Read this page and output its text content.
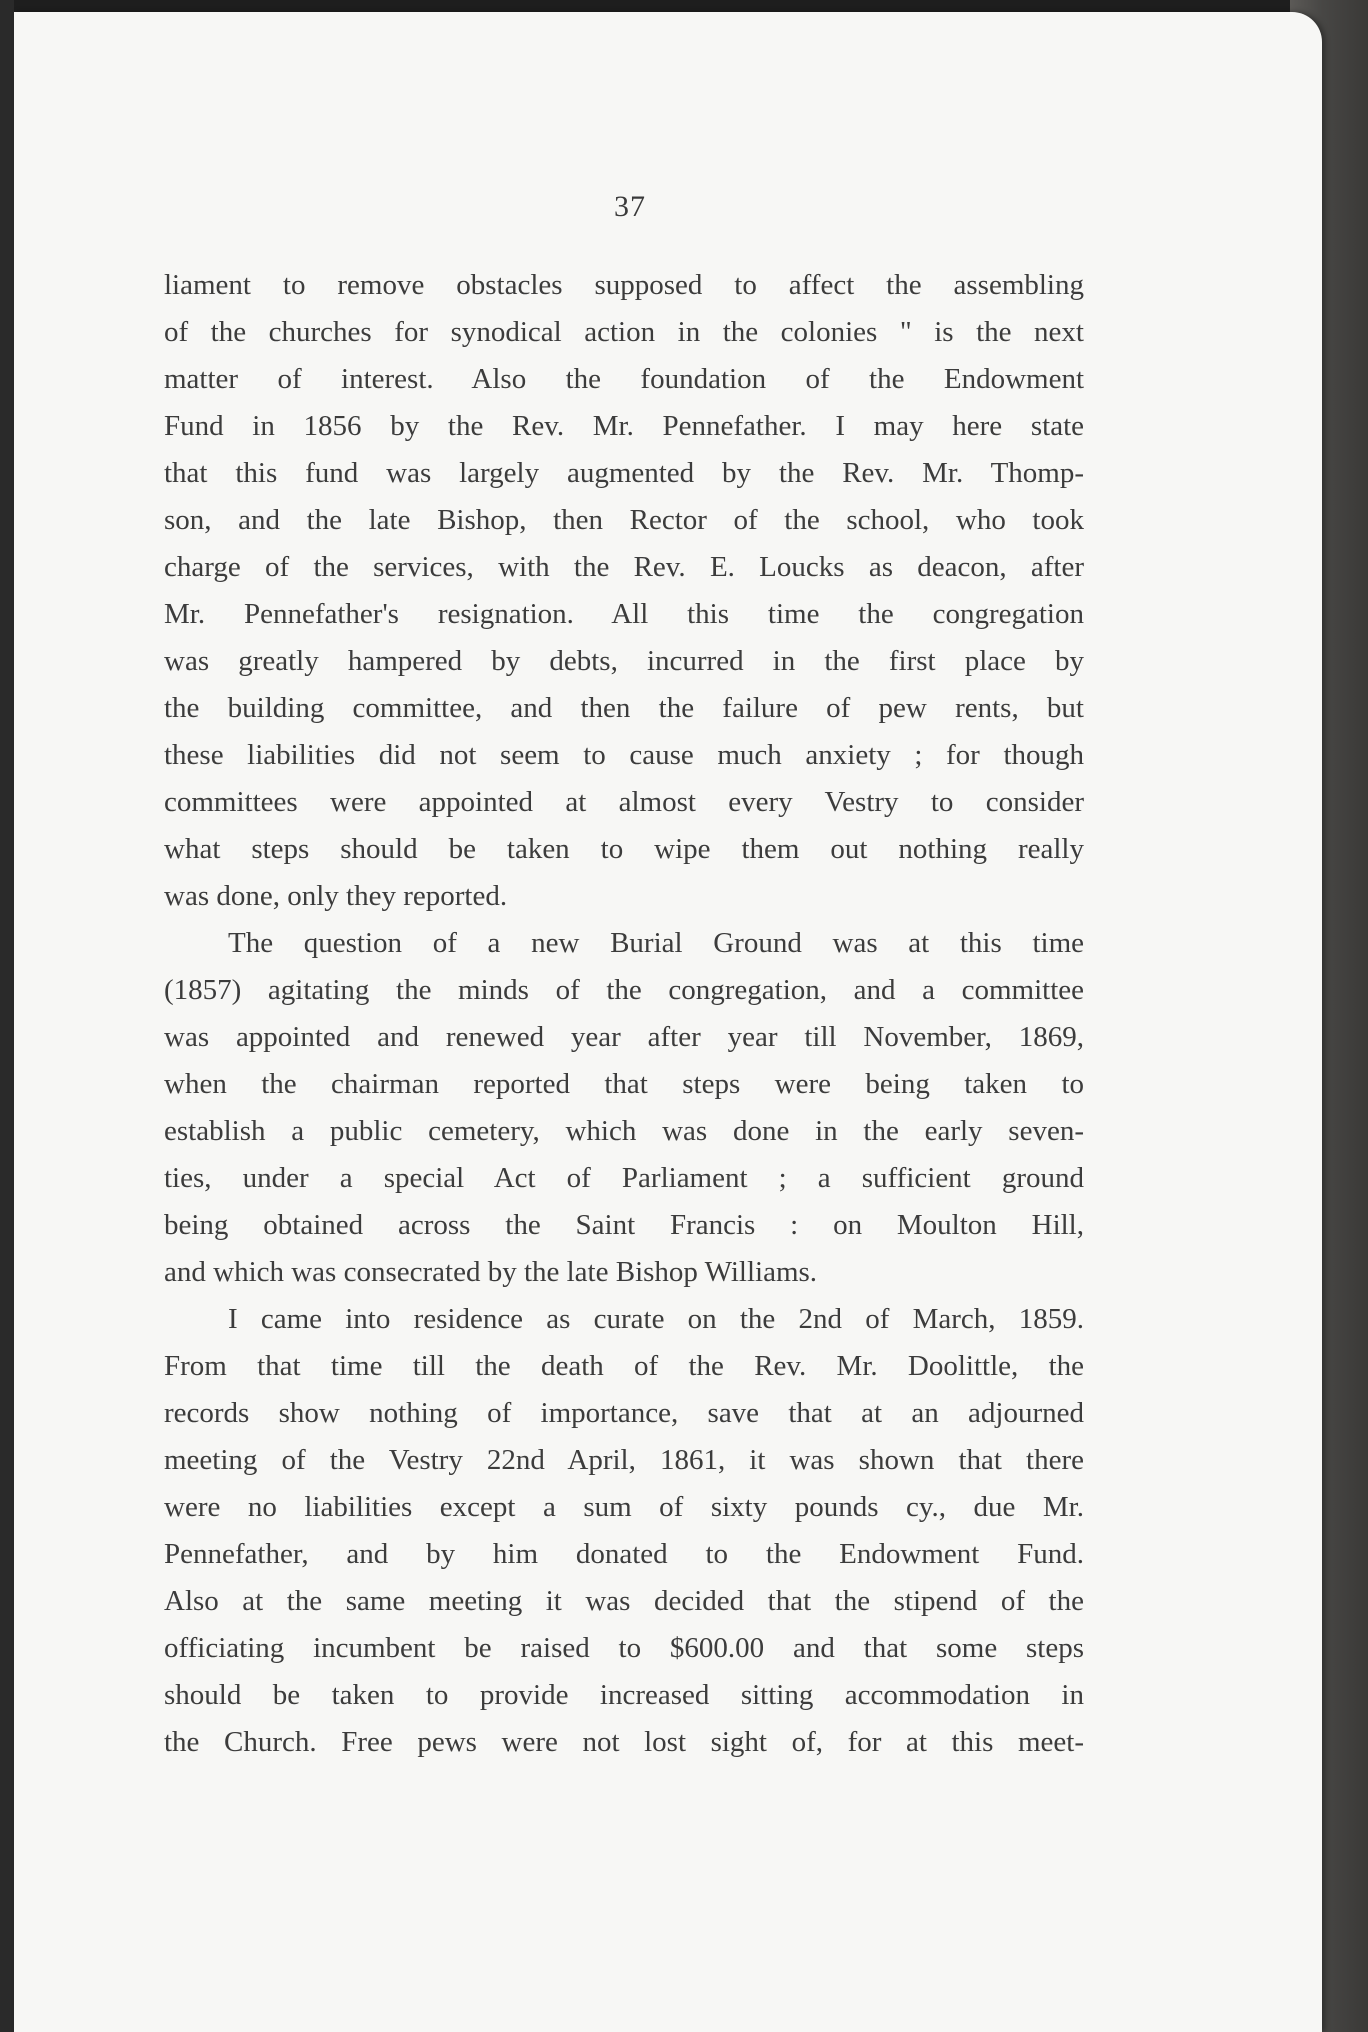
37
liament to remove obstacles supposed to affect the assembling
of the churches for synodical action in the colonies " is the next
matter of interest. Also the foundation of the Endowment
Fund in 1856 by the Rev. Mr. Pennefather. I may here state
that this fund was largely augmented by the Rev. Mr. Thomp-
son, and the late Bishop, then Rector of the school, who took
charge of the services, with the Rev. E. Loucks as deacon, after
Mr. Pennefather's resignation. All this time the congregation
was greatly hampered by debts, incurred in the first place by
the building committee, and then the failure of pew rents, but
these liabilities did not seem to cause much anxiety ; for though
committees were appointed at almost every Vestry to consider
what steps should be taken to wipe them out nothing really
was done, only they reported.
The question of a new Burial Ground was at this time
(1857) agitating the minds of the congregation, and a committee
was appointed and renewed year after year till November, 1869,
when the chairman reported that steps were being taken to
establish a public cemetery, which was done in the early seven-
ties, under a special Act of Parliament ; a sufficient ground
being obtained across the Saint Francis : on Moulton Hill,
and which was consecrated by the late Bishop Williams.
I came into residence as curate on the 2nd of March, 1859.
From that time till the death of the Rev. Mr. Doolittle, the
records show nothing of importance, save that at an adjourned
meeting of the Vestry 22nd April, 1861, it was shown that there
were no liabilities except a sum of sixty pounds cy., due Mr.
Pennefather, and by him donated to the Endowment Fund.
Also at the same meeting it was decided that the stipend of the
officiating incumbent be raised to $600.00 and that some steps
should be taken to provide increased sitting accommodation in
the Church. Free pews were not lost sight of, for at this meet-
